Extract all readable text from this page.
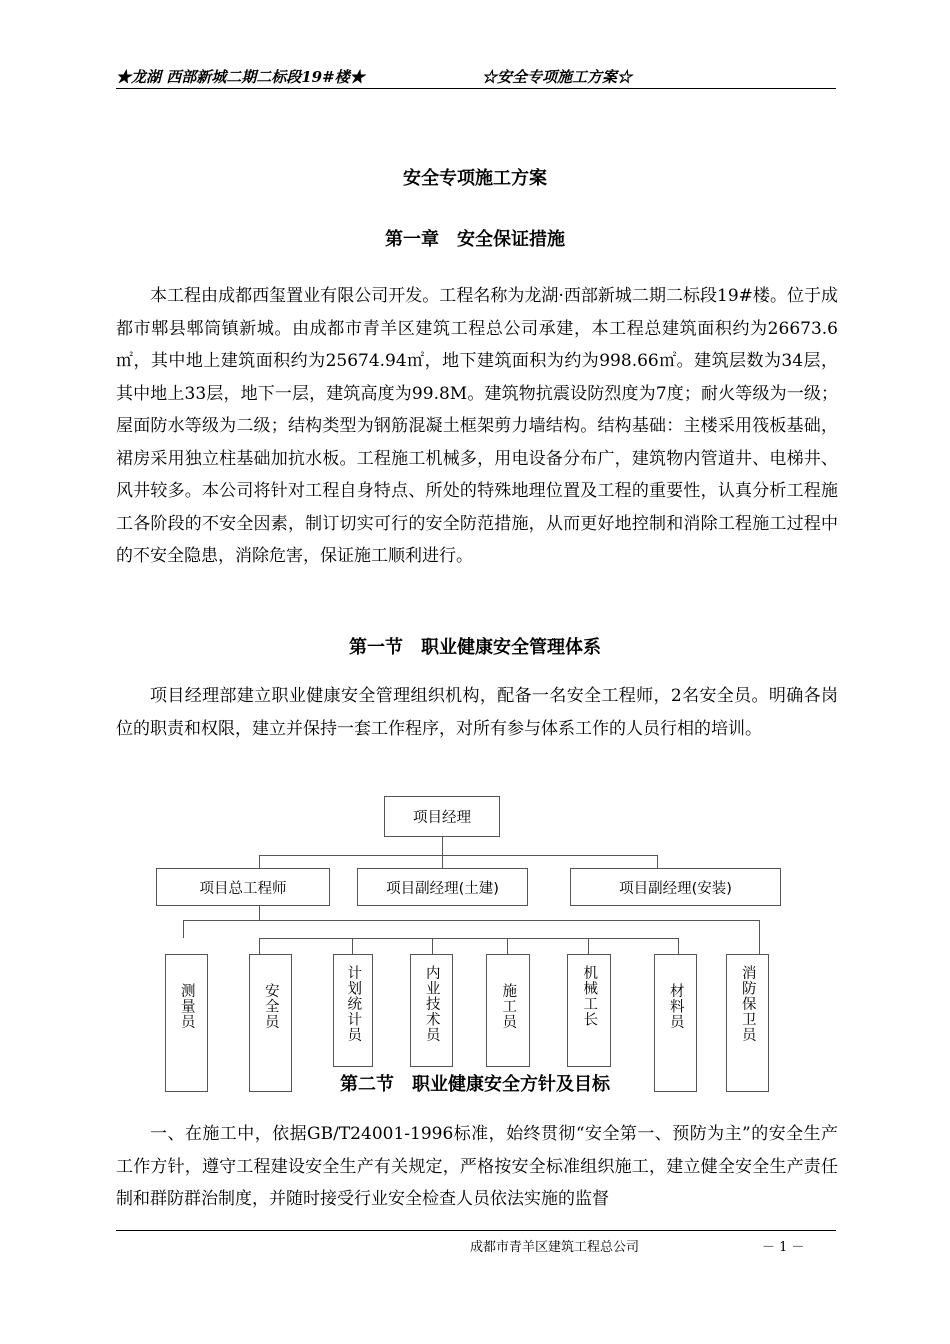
★龙湖 西部新城二期二标段19#楼★	☆安全专项施工方案☆
安全专项施工方案
第一章　安全保证措施

本工程由成都西玺置业有限公司开发。工程名称为龙湖·西部新城二期二标段19#楼。位于成都市郫县郫筒镇新城。由成都市青羊区建筑工程总公司承建，本工程总建筑面积约为26673.6㎡，其中地上建筑面积约为25674.94㎡，地下建筑面积为约为998.66㎡。建筑层数为34层，其中地上33层，地下一层，建筑高度为99.8M。建筑物抗震设防烈度为7度；耐火等级为一级；屋面防水等级为二级；结构类型为钢筋混凝土框架剪力墙结构。结构基础：主楼采用筏板基础，裙房采用独立柱基础加抗水板。工程施工机械多，用电设备分布广，建筑物内管道井、电梯井、风井较多。本公司将针对工程自身特点、所处的特殊地理位置及工程的重要性，认真分析工程施工各阶段的不安全因素，制订切实可行的安全防范措施，从而更好地控制和消除工程施工过程中的不安全隐患，消除危害，保证施工顺利进行。

第一节　职业健康安全管理体系

项目经理部建立职业健康安全管理组织机构，配备一名安全工程师，2名安全员。明确各岗位的职责和权限，建立并保持一套工作程序，对所有参与体系工作的人员行相的培训。

项目经理
项目总工程师	项目副经理(土建)	项目副经理(安装)
测量员	安全员	计划统计员	内业技术员	施工员	机械工长	材料员	消防保卫员
第二节　职业健康安全方针及目标

一、在施工中，依据GB/T24001-1996标准，始终贯彻“安全第一、预防为主”的安全生产工作方针，遵守工程建设安全生产有关规定，严格按安全标准组织施工，建立健全安全生产责任制和群防群治制度，并随时接受行业安全检查人员依法实施的监督

成都市青羊区建筑工程总公司	－ 1 －
